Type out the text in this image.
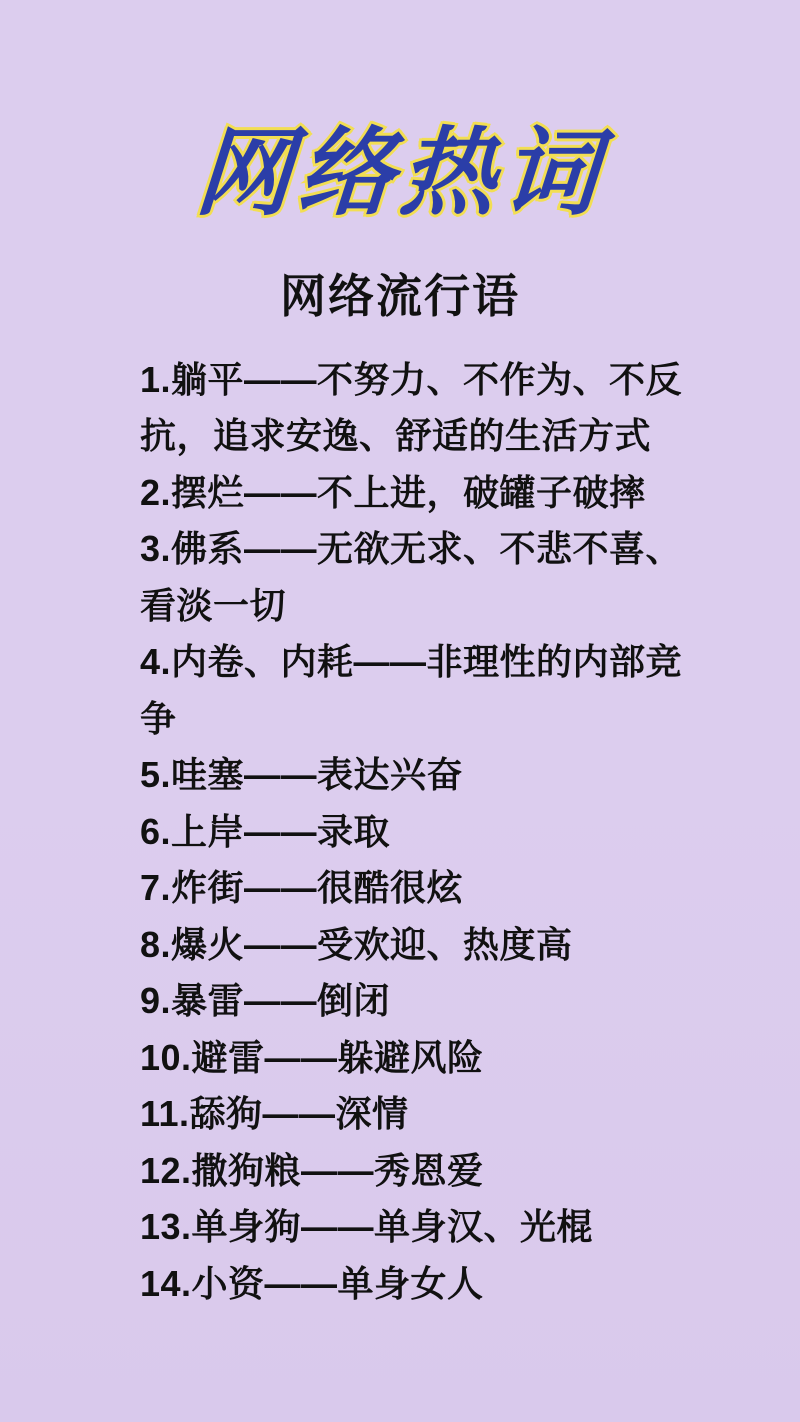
网络热词
网络流行语
1.躺平——不努力、不作为、不反抗，追求安逸、舒适的生活方式
2.摆烂——不上进，破罐子破摔
3.佛系——无欲无求、不悲不喜、看淡一切
4.内卷、内耗——非理性的内部竞争
5.哇塞——表达兴奋
6.上岸——录取
7.炸街——很酷很炫
8.爆火——受欢迎、热度高
9.暴雷——倒闭
10.避雷——躲避风险
11.舔狗——深情
12.撒狗粮——秀恩爱
13.单身狗——单身汉、光棍
14.小资——单身女人
